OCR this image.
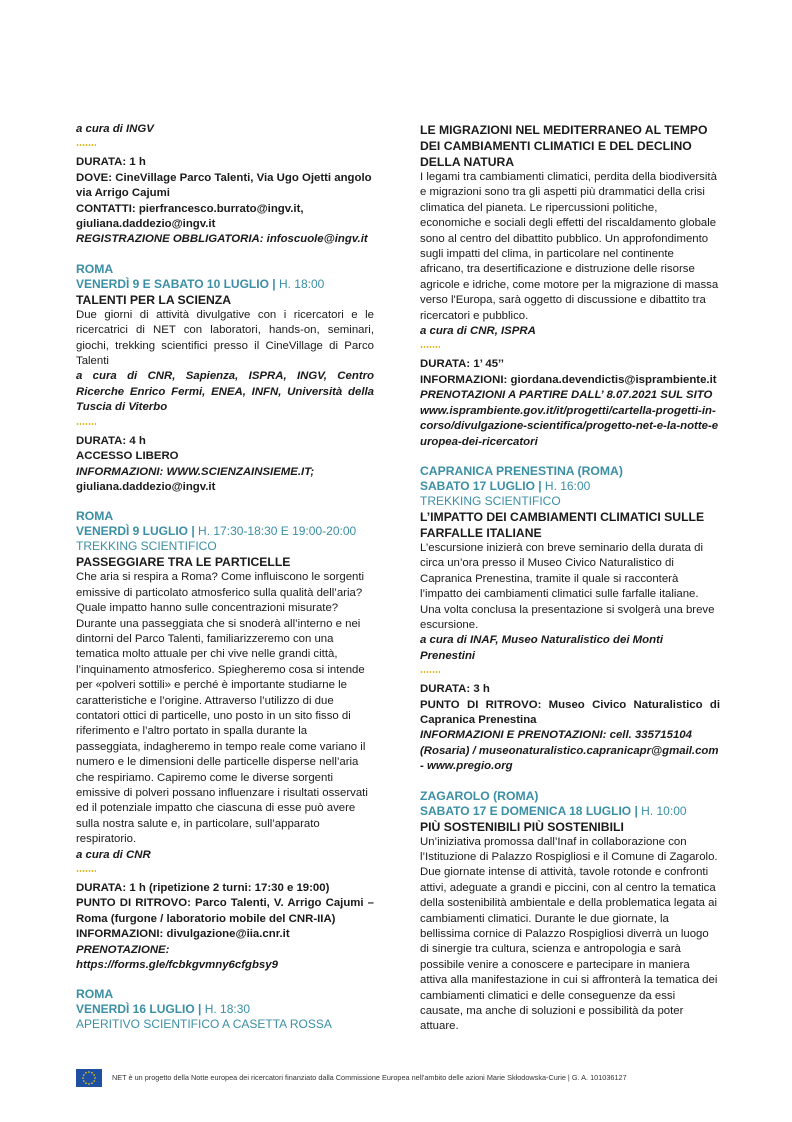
a cura di INGV
DURATA: 1 h
DOVE: CineVillage Parco Talenti, Via Ugo Ojetti angolo via Arrigo Cajumi
CONTATTI: pierfrancesco.burrato@ingv.it, giuliana.daddezio@ingv.it
REGISTRAZIONE OBBLIGATORIA: infoscuole@ingv.it
ROMA
VENERDÌ 9 E SABATO 10 LUGLIO | H. 18:00
TALENTI PER LA SCIENZA

Due giorni di attività divulgative con i ricercatori e le ricercatrici di NET con laboratori, hands-on, seminari, giochi, trekking scientifici presso il CineVillage di Parco Talenti

a cura di CNR, Sapienza, ISPRA, INGV, Centro Ricerche Enrico Fermi, ENEA, INFN, Università della Tuscia di Viterbo
DURATA: 4 h
ACCESSO LIBERO
INFORMAZIONI: WWW.SCIENZAINSIEME.IT;
giuliana.daddezio@ingv.it
ROMA
VENERDÌ 9 LUGLIO | H. 17:30-18:30 E 19:00-20:00
TREKKING SCIENTIFICO
PASSEGGIARE TRA LE PARTICELLE

Che aria si respira a Roma? Come influiscono le sorgenti emissive di particolato atmosferico sulla qualità dell’aria? Quale impatto hanno sulle concentrazioni misurate? Durante una passeggiata che si snoderà all’interno e nei dintorni del Parco Talenti, familiarizzeremo con una tematica molto attuale per chi vive nelle grandi città, l’inquinamento atmosferico. Spiegheremo cosa si intende per «polveri sottili» e perché è importante studiarne le caratteristiche e l’origine. Attraverso l’utilizzo di due contatori ottici di particelle, uno posto in un sito fisso di riferimento e l’altro portato in spalla durante la passeggiata, indagheremo in tempo reale come variano il numero e le dimensioni delle particelle disperse nell’aria che respiriamo. Capiremo come le diverse sorgenti emissive di polveri possano influenzare i risultati osservati ed il potenziale impatto che ciascuna di esse può avere sulla nostra salute e, in particolare, sull’apparato respiratorio.

a cura di CNR
DURATA: 1 h (ripetizione 2 turni: 17:30 e 19:00)
PUNTO DI RITROVO: Parco Talenti, V. Arrigo Cajumi – Roma (furgone / laboratorio mobile del CNR-IIA)
INFORMAZIONI: divulgazione@iia.cnr.it
PRENOTAZIONE: https://forms.gle/fcbkgvmny6cfgbsy9
ROMA
VENERDÌ 16 LUGLIO | H. 18:30
APERITIVO SCIENTIFICO A CASETTA ROSSA
LE MIGRAZIONI NEL MEDITERRANEO AL TEMPO DEI CAMBIAMENTI CLIMATICI E DEL DECLINO DELLA NATURA

I legami tra cambiamenti climatici, perdita della biodiversità e migrazioni sono tra gli aspetti più drammatici della crisi climatica del pianeta. Le ripercussioni politiche, economiche e sociali degli effetti del riscaldamento globale sono al centro del dibattito pubblico. Un approfondimento sugli impatti del clima, in particolare nel continente africano, tra desertificazione e distruzione delle risorse agricole e idriche, come motore per la migrazione di massa verso l'Europa, sarà oggetto di discussione e dibattito tra ricercatori e pubblico.

a cura di CNR, ISPRA
DURATA: 1’ 45’’
INFORMAZIONI: giordana.devendictis@isprambiente.it
PRENOTAZIONI A PARTIRE DALL’ 8.07.2021 SUL SITO
www.isprambiente.gov.it/it/progetti/cartella-progetti-in-corso/divulgazione-scientifica/progetto-net-e-la-notte-europea-dei-ricercatori
CAPRANICA PRENESTINA (ROMA)
SABATO 17 LUGLIO | H. 16:00
TREKKING SCIENTIFICO
L’IMPATTO DEI CAMBIAMENTI CLIMATICI SULLE FARFALLE ITALIANE

L’escursione inizierà con breve seminario della durata di circa un’ora presso il Museo Civico Naturalistico di Capranica Prenestina, tramite il quale si racconterà l’impatto dei cambiamenti climatici sulle farfalle italiane. Una volta conclusa la presentazione si svolgerà una breve escursione.

a cura di INAF, Museo Naturalistico dei Monti Prenestini
DURATA: 3 h
PUNTO DI RITROVO: Museo Civico Naturalistico di Capranica Prenestina
INFORMAZIONI E PRENOTAZIONI: cell. 335715104 (Rosaria) / museonaturalistico.capranicapr@gmail.com - www.pregio.org
ZAGAROLO (ROMA)
SABATO 17 E DOMENICA 18 LUGLIO | H. 10:00
PIÙ SOSTENIBILI PIÙ SOSTENIBILI

Un’iniziativa promossa dall’Inaf in collaborazione con l’Istituzione di Palazzo Rospigliosi e il Comune di Zagarolo. Due giornate intense di attività, tavole rotonde e confronti attivi, adeguate a grandi e piccini, con al centro la tematica della sostenibilità ambientale e della problematica legata ai cambiamenti climatici. Durante le due giornate, la bellissima cornice di Palazzo Rospigliosi diverrà un luogo di sinergie tra cultura, scienza e antropologia e sarà possibile venire a conoscere e partecipare in maniera attiva alla manifestazione in cui si affronterà la tematica dei cambiamenti climatici e delle conseguenze da essi causate, ma anche di soluzioni e possibilità da poter attuare.

NET è un progetto della Notte europea dei ricercatori finanziato dalla Commissione Europea nell'ambito delle azioni Marie Skłodowska-Curie | G. A. 101036127
